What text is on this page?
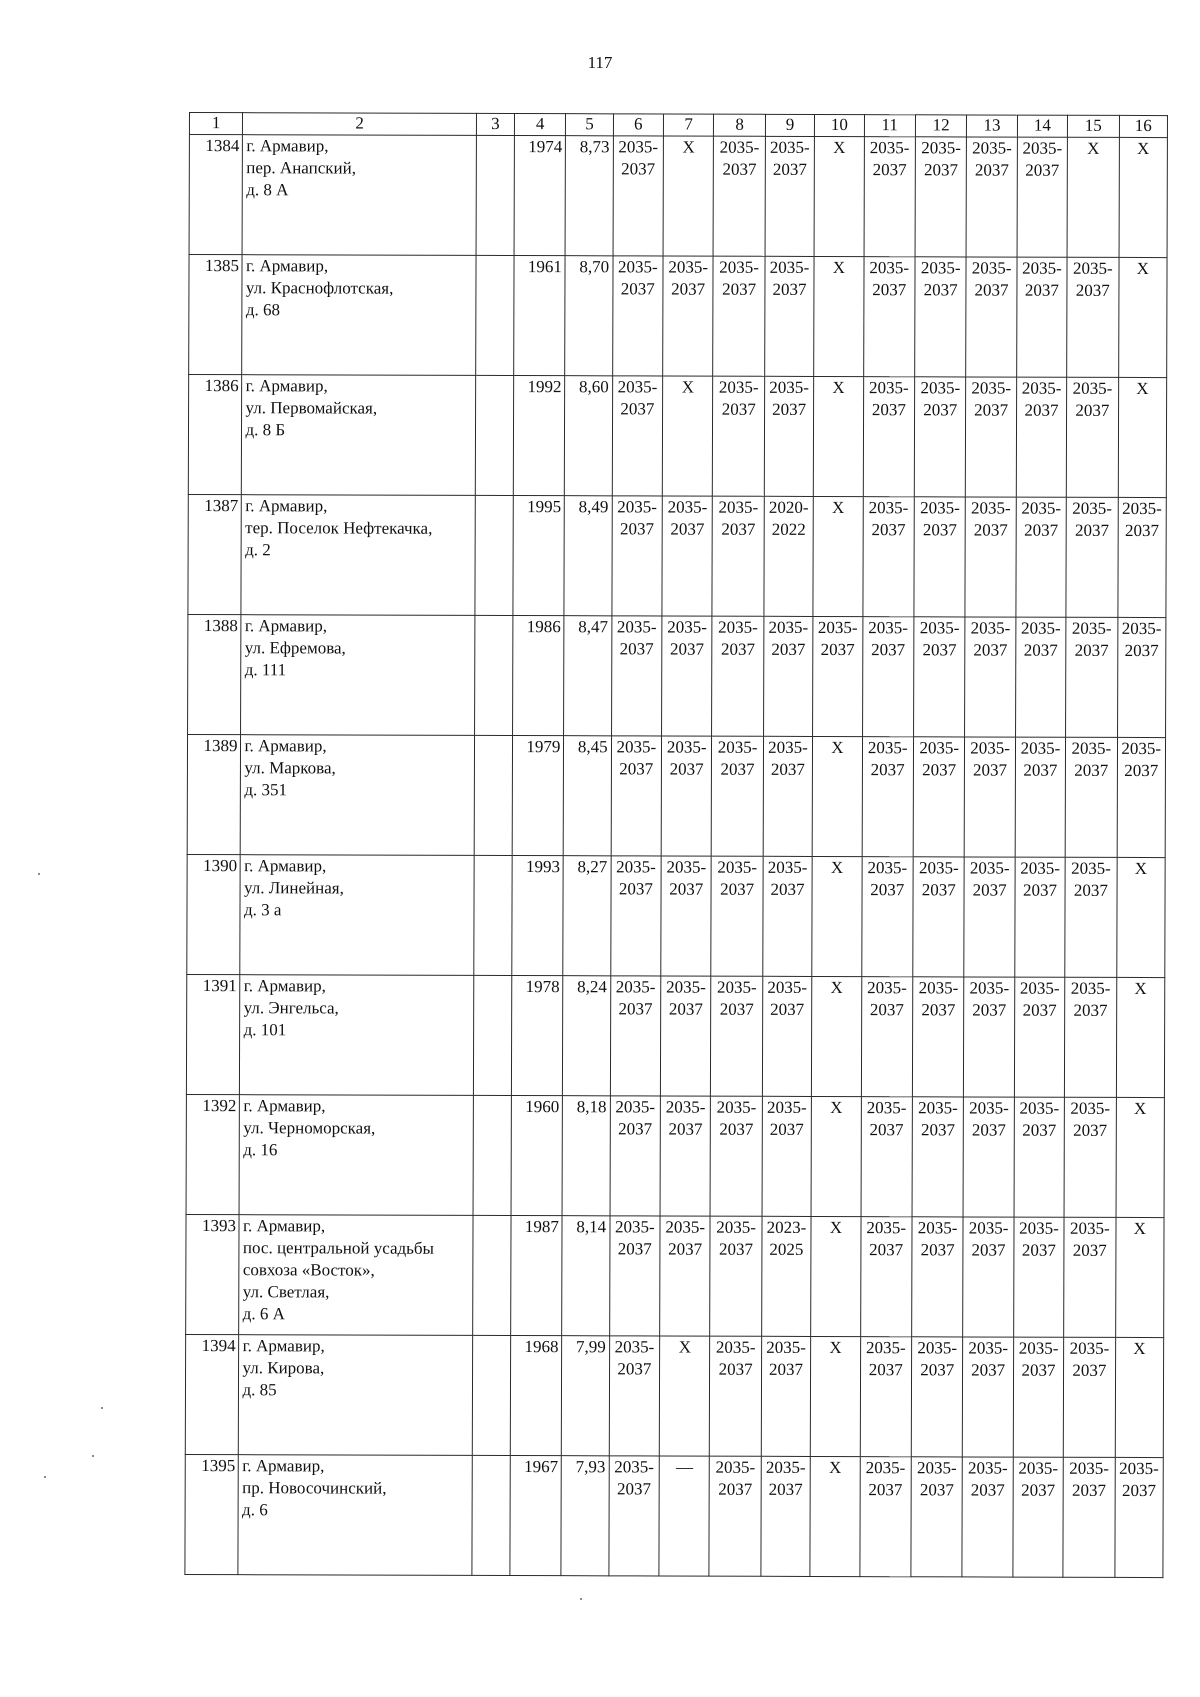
117
1	2	3	4	5	6	7	8	9	10	11	12	13	14	15	16
1384	г. Армавир,
пер. Анапский,
д. 8 А		1974	8,73	2035-
2037	X	2035-
2037	2035-
2037	X	2035-
2037	2035-
2037	2035-
2037	2035-
2037	X	X

1385	г. Армавир,
ул. Краснофлотская,
д. 68		1961	8,70	2035-
2037	2035-
2037	2035-
2037	2035-
2037	X	2035-
2037	2035-
2037	2035-
2037	2035-
2037	2035-
2037	X

1386	г. Армавир,
ул. Первомайская,
д. 8 Б		1992	8,60	2035-
2037	X	2035-
2037	2035-
2037	X	2035-
2037	2035-
2037	2035-
2037	2035-
2037	2035-
2037	X

1387	г. Армавир,
тер. Поселок Нефтекачка,
д. 2		1995	8,49	2035-
2037	2035-
2037	2035-
2037	2020-
2022	X	2035-
2037	2035-
2037	2035-
2037	2035-
2037	2035-
2037	2035-
2037

1388	г. Армавир,
ул. Ефремова,
д. 111		1986	8,47	2035-
2037	2035-
2037	2035-
2037	2035-
2037	2035-
2037	2035-
2037	2035-
2037	2035-
2037	2035-
2037	2035-
2037	2035-
2037

1389	г. Армавир,
ул. Маркова,
д. 351		1979	8,45	2035-
2037	2035-
2037	2035-
2037	2035-
2037	X	2035-
2037	2035-
2037	2035-
2037	2035-
2037	2035-
2037	2035-
2037

1390	г. Армавир,
ул. Линейная,
д. 3 а		1993	8,27	2035-
2037	2035-
2037	2035-
2037	2035-
2037	X	2035-
2037	2035-
2037	2035-
2037	2035-
2037	2035-
2037	X

1391	г. Армавир,
ул. Энгельса,
д. 101		1978	8,24	2035-
2037	2035-
2037	2035-
2037	2035-
2037	X	2035-
2037	2035-
2037	2035-
2037	2035-
2037	2035-
2037	X

1392	г. Армавир,
ул. Черноморская,
д. 16		1960	8,18	2035-
2037	2035-
2037	2035-
2037	2035-
2037	X	2035-
2037	2035-
2037	2035-
2037	2035-
2037	2035-
2037	X

1393	г. Армавир,
пос. центральной усадьбы
совхоза «Восток»,
ул. Светлая,
д. 6 А		1987	8,14	2035-
2037	2035-
2037	2035-
2037	2023-
2025	X	2035-
2037	2035-
2037	2035-
2037	2035-
2037	2035-
2037	X

1394	г. Армавир,
ул. Кирова,
д. 85		1968	7,99	2035-
2037	X	2035-
2037	2035-
2037	X	2035-
2037	2035-
2037	2035-
2037	2035-
2037	2035-
2037	X

1395	г. Армавир,
пр. Новосочинский,
д. 6		1967	7,93	2035-
2037	—	2035-
2037	2035-
2037	X	2035-
2037	2035-
2037	2035-
2037	2035-
2037	2035-
2037	2035-
2037
